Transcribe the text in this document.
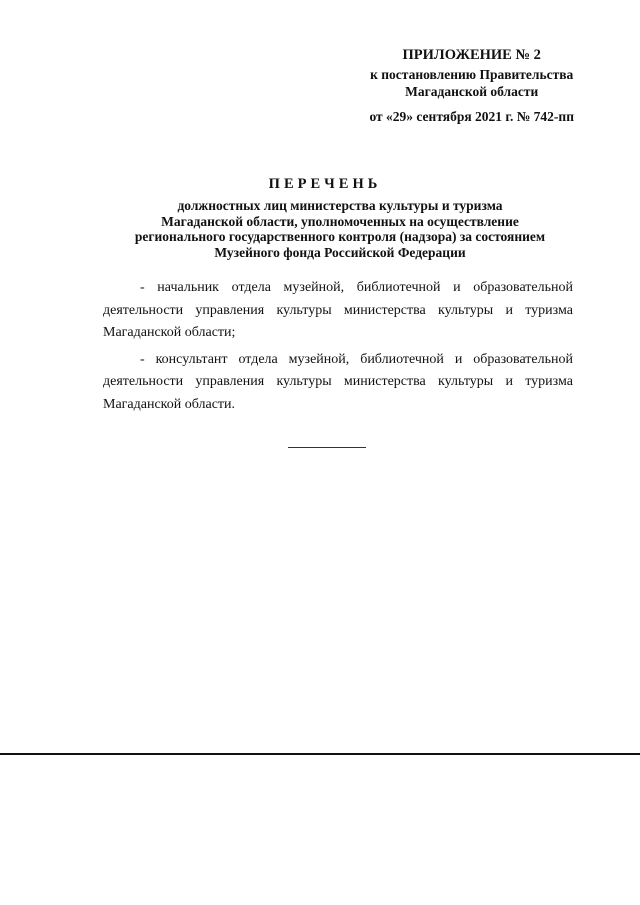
ПРИЛОЖЕНИЕ № 2
к постановлению Правительства
Магаданской области
от «29» сентября 2021 г. № 742-пп
ПЕРЕЧЕНЬ
должностных лиц министерства культуры и туризма
Магаданской области, уполномоченных на осуществление
регионального государственного контроля (надзора) за состоянием
Музейного фонда Российской Федерации

- начальник отдела музейной, библиотечной и образовательной деятельности управления культуры министерства культуры и туризма Магаданской области;

- консультант отдела музейной, библиотечной и образовательной деятельности управления культуры министерства культуры и туризма Магаданской области.
